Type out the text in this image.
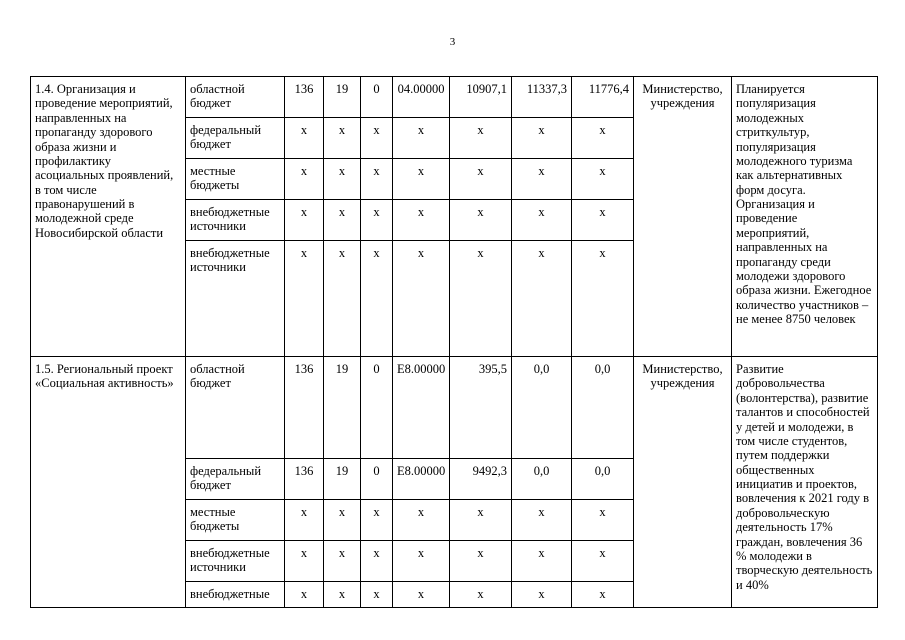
3
1.4. Организация и проведение мероприятий, направленных на пропаганду здорового образа жизни и профилактику асоциальных проявлений, в том числе правонарушений в молодежной среде Новосибирской области	областной бюджет	136	19	0	04.00000	10907,1	11337,3	11776,4	Министерство, учреждения	Планируется популяризация молодежных стриткультур, популяризация молодежного туризма как альтернативных форм досуга. Организация и проведение мероприятий, направленных на пропаганду среди молодежи здорового образа жизни. Ежегодное количество участников – не менее 8750 человек
	федеральный бюджет	х	х	х	х	х	х	х		
	местные бюджеты	х	х	х	х	х	х	х		
	внебюджетные источники	х	х	х	х	х	х	х		
	внебюджетные источники	х	х	х	х	х	х	х		
1.5. Региональный проект «Социальная активность»	областной бюджет	136	19	0	E8.00000	395,5	0,0	0,0	Министерство, учреждения	Развитие добровольчества (волонтерства), развитие талантов и способностей у детей и молодежи, в том числе студентов, путем поддержки общественных инициатив и проектов, вовлечения к 2021 году в добровольческую деятельность 17% граждан, вовлечения 36 % молодежи в творческую деятельность и 40%
	федеральный бюджет	136	19	0	E8.00000	9492,3	0,0	0,0		
	местные бюджеты	х	х	х	х	х	х	х		
	внебюджетные источники	х	х	х	х	х	х	х		
	внебюджетные	х	х	х	х	х	х	х		
